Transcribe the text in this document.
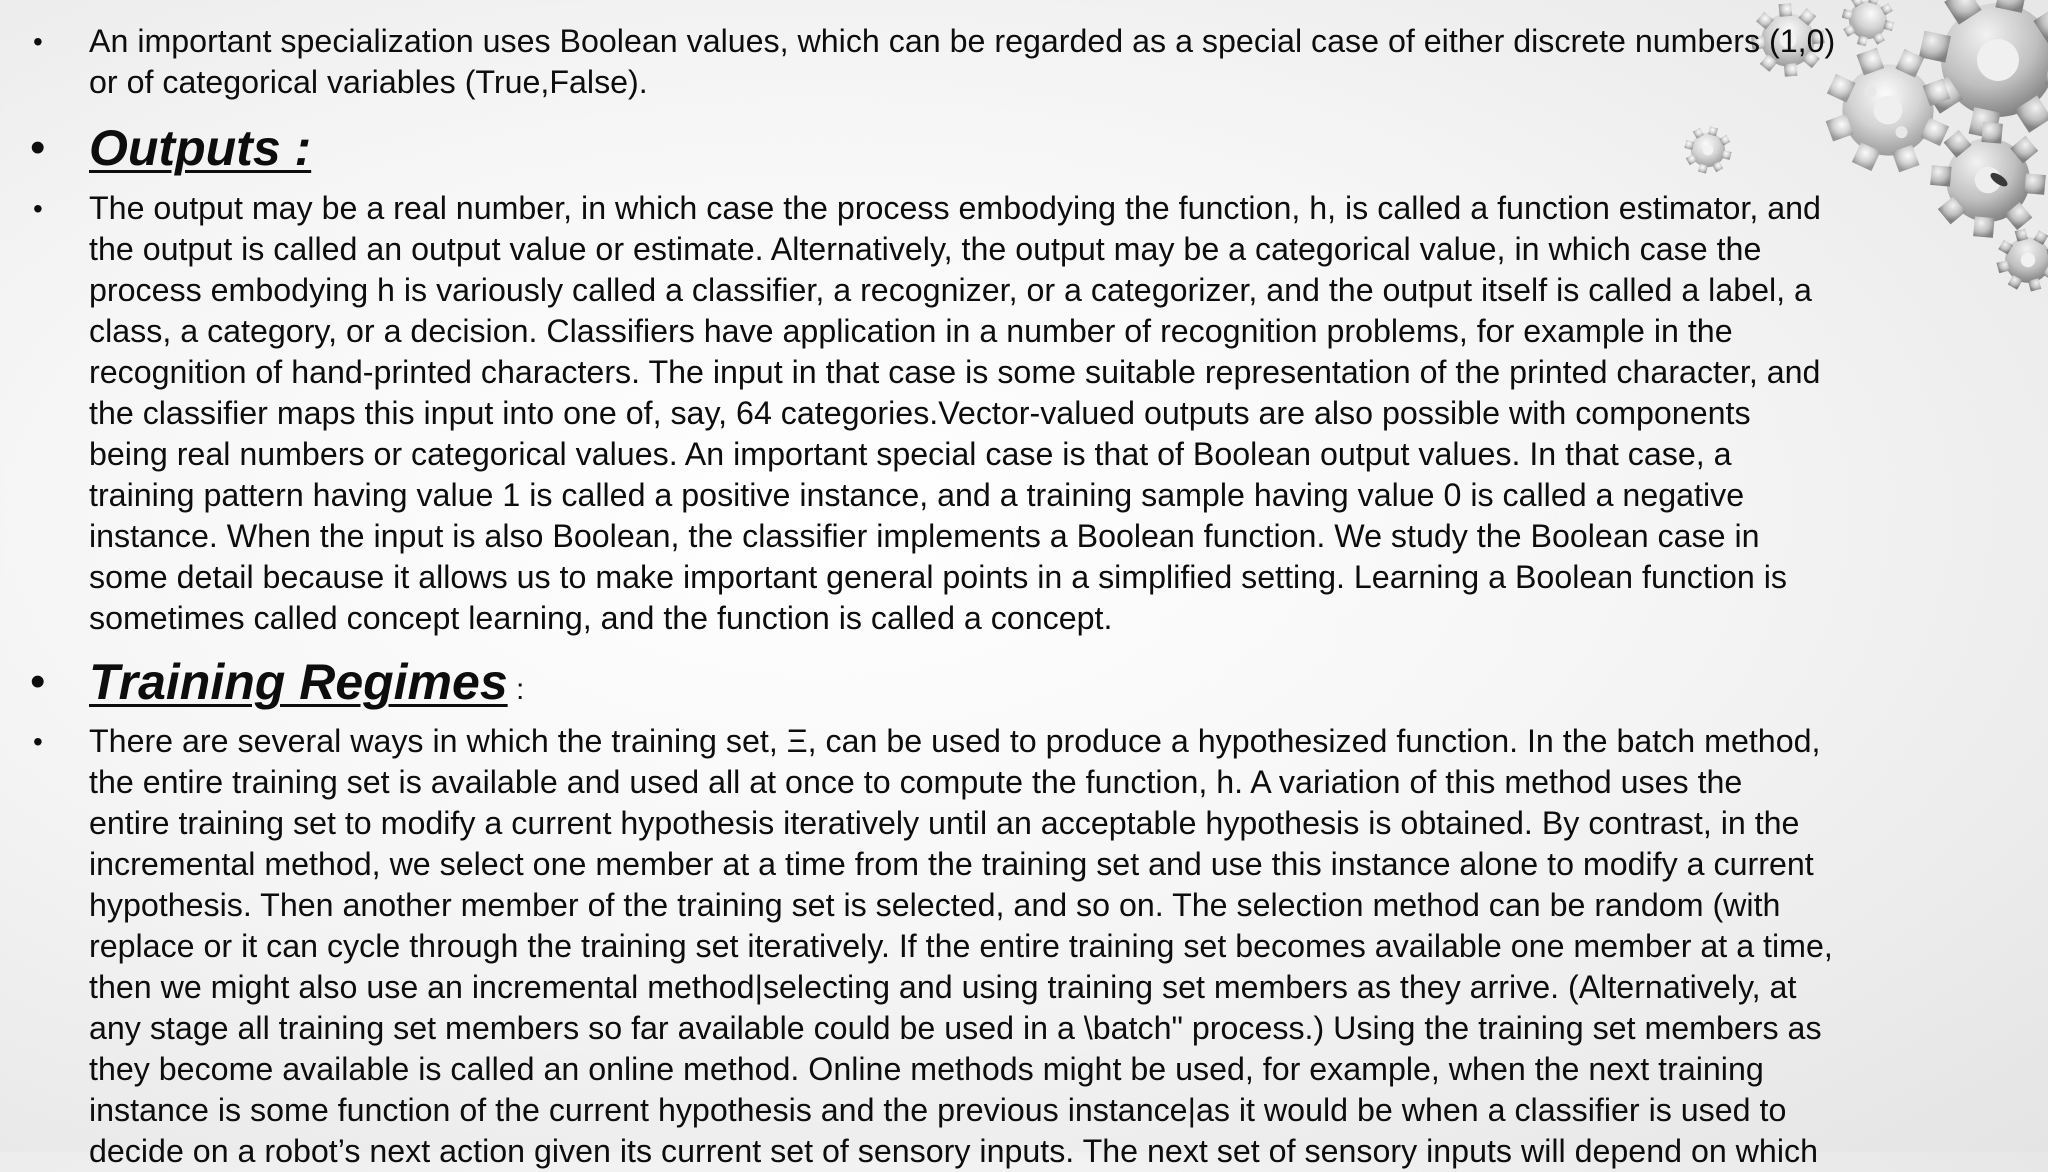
• An important specialization uses Boolean values, which can be regarded as a special case of either discrete numbers (1,0)
or of categorical variables (True,False).
• Outputs :
• The output may be a real number, in which case the process embodying the function, h, is called a function estimator, and
the output is called an output value or estimate. Alternatively, the output may be a categorical value, in which case the
process embodying h is variously called a classifier, a recognizer, or a categorizer, and the output itself is called a label, a
class, a category, or a decision. Classifiers have application in a number of recognition problems, for example in the
recognition of hand-printed characters. The input in that case is some suitable representation of the printed character, and
the classifier maps this input into one of, say, 64 categories.Vector-valued outputs are also possible with components
being real numbers or categorical values. An important special case is that of Boolean output values. In that case, a
training pattern having value 1 is called a positive instance, and a training sample having value 0 is called a negative
instance. When the input is also Boolean, the classifier implements a Boolean function. We study the Boolean case in
some detail because it allows us to make important general points in a simplified setting. Learning a Boolean function is
sometimes called concept learning, and the function is called a concept.
• Training Regimes :
• There are several ways in which the training set, Ξ, can be used to produce a hypothesized function. In the batch method,
the entire training set is available and used all at once to compute the function, h. A variation of this method uses the
entire training set to modify a current hypothesis iteratively until an acceptable hypothesis is obtained. By contrast, in the
incremental method, we select one member at a time from the training set and use this instance alone to modify a current
hypothesis. Then another member of the training set is selected, and so on. The selection method can be random (with
replace or it can cycle through the training set iteratively. If the entire training set becomes available one member at a time,
then we might also use an incremental method|selecting and using training set members as they arrive. (Alternatively, at
any stage all training set members so far available could be used in a \batch" process.) Using the training set members as
they become available is called an online method. Online methods might be used, for example, when the next training
instance is some function of the current hypothesis and the previous instance|as it would be when a classifier is used to
decide on a robot’s next action given its current set of sensory inputs. The next set of sensory inputs will depend on which
